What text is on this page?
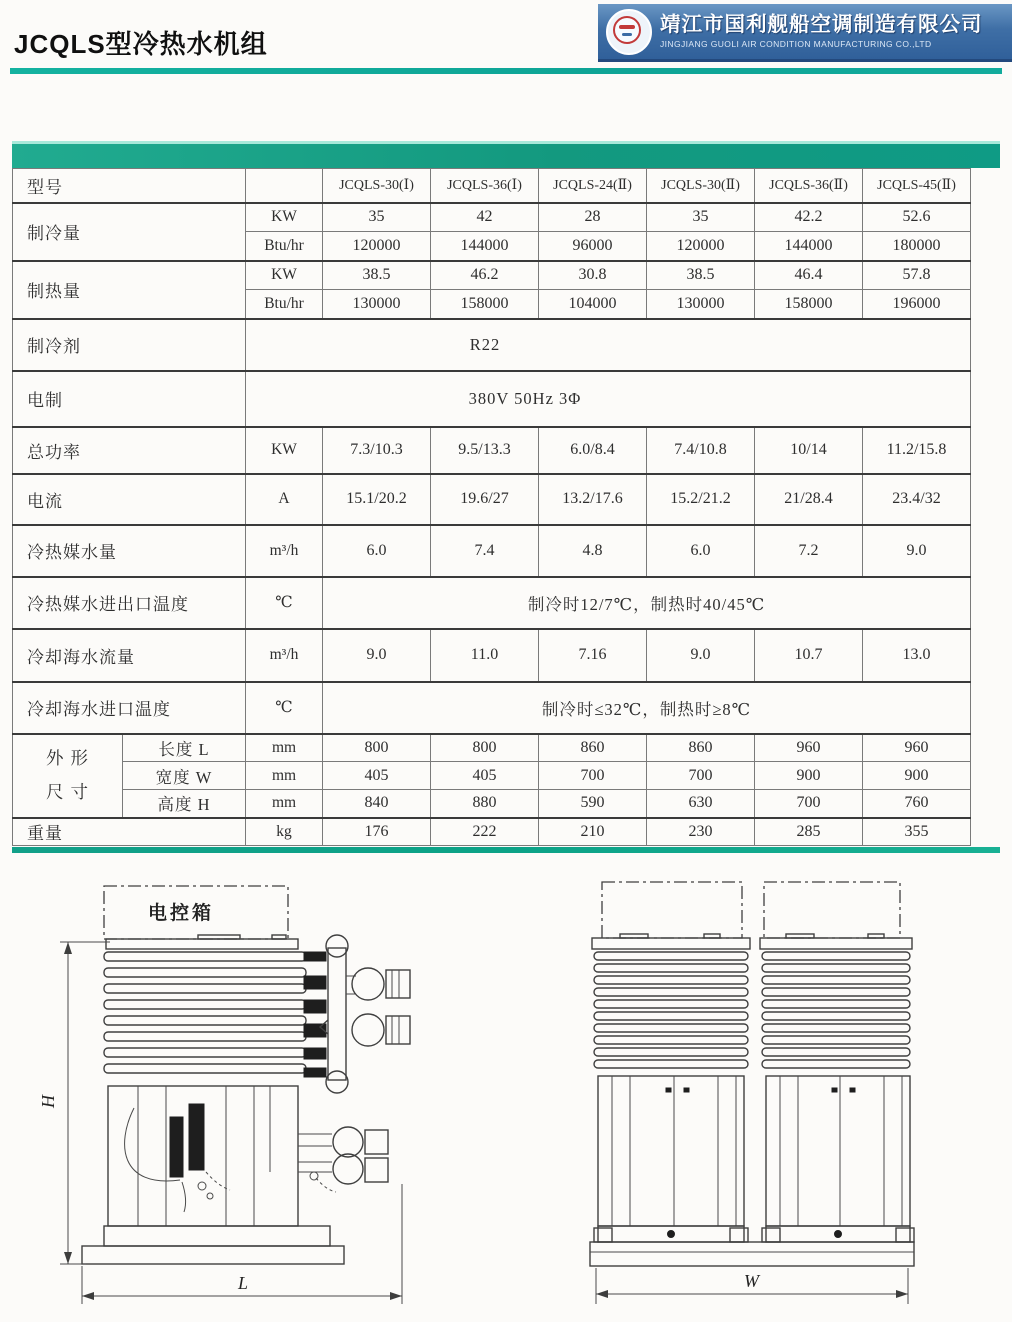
JCQLS型冷热水机组
靖江市国利舰船空调制造有限公司
JINGJIANG GUOLI AIR CONDITION MANUFACTURING CO.,LTD
型号			JCQLS-30(Ⅰ)	JCQLS-36(Ⅰ)	JCQLS-24(Ⅱ)	JCQLS-30(Ⅱ)	JCQLS-36(Ⅱ)	JCQLS-45(Ⅱ)
制冷量		KW	35	42	28	35	42.2	52.6
		Btu/hr	120000	144000	96000	120000	144000	180000
制热量		KW	38.5	46.2	30.8	38.5	46.4	57.8
		Btu/hr	130000	158000	104000	130000	158000	196000
制冷剂		R22						
电制		380V 50Hz 3Φ						
总功率		KW	7.3/10.3	9.5/13.3	6.0/8.4	7.4/10.8	10/14	11.2/15.8
电流		A	15.1/20.2	19.6/27	13.2/17.6	15.2/21.2	21/28.4	23.4/32
冷热媒水量		m³/h	6.0	7.4	4.8	6.0	7.2	9.0
冷热媒水进出口温度		℃	制冷时12/7℃，制热时40/45℃					
冷却海水流量		m³/h	9.0	11.0	7.16	9.0	10.7	13.0
冷却海水进口温度		℃	制冷时≤32℃，制热时≥8℃					

外形
尺寸	长度 L	mm	800	800	860	860	960	960
	宽度 W	mm	405	405	700	700	900	900
	高度 H	mm	840	880	590	630	700	760
重量		kg	176	222	210	230	285	355
电控箱
H
L	W
